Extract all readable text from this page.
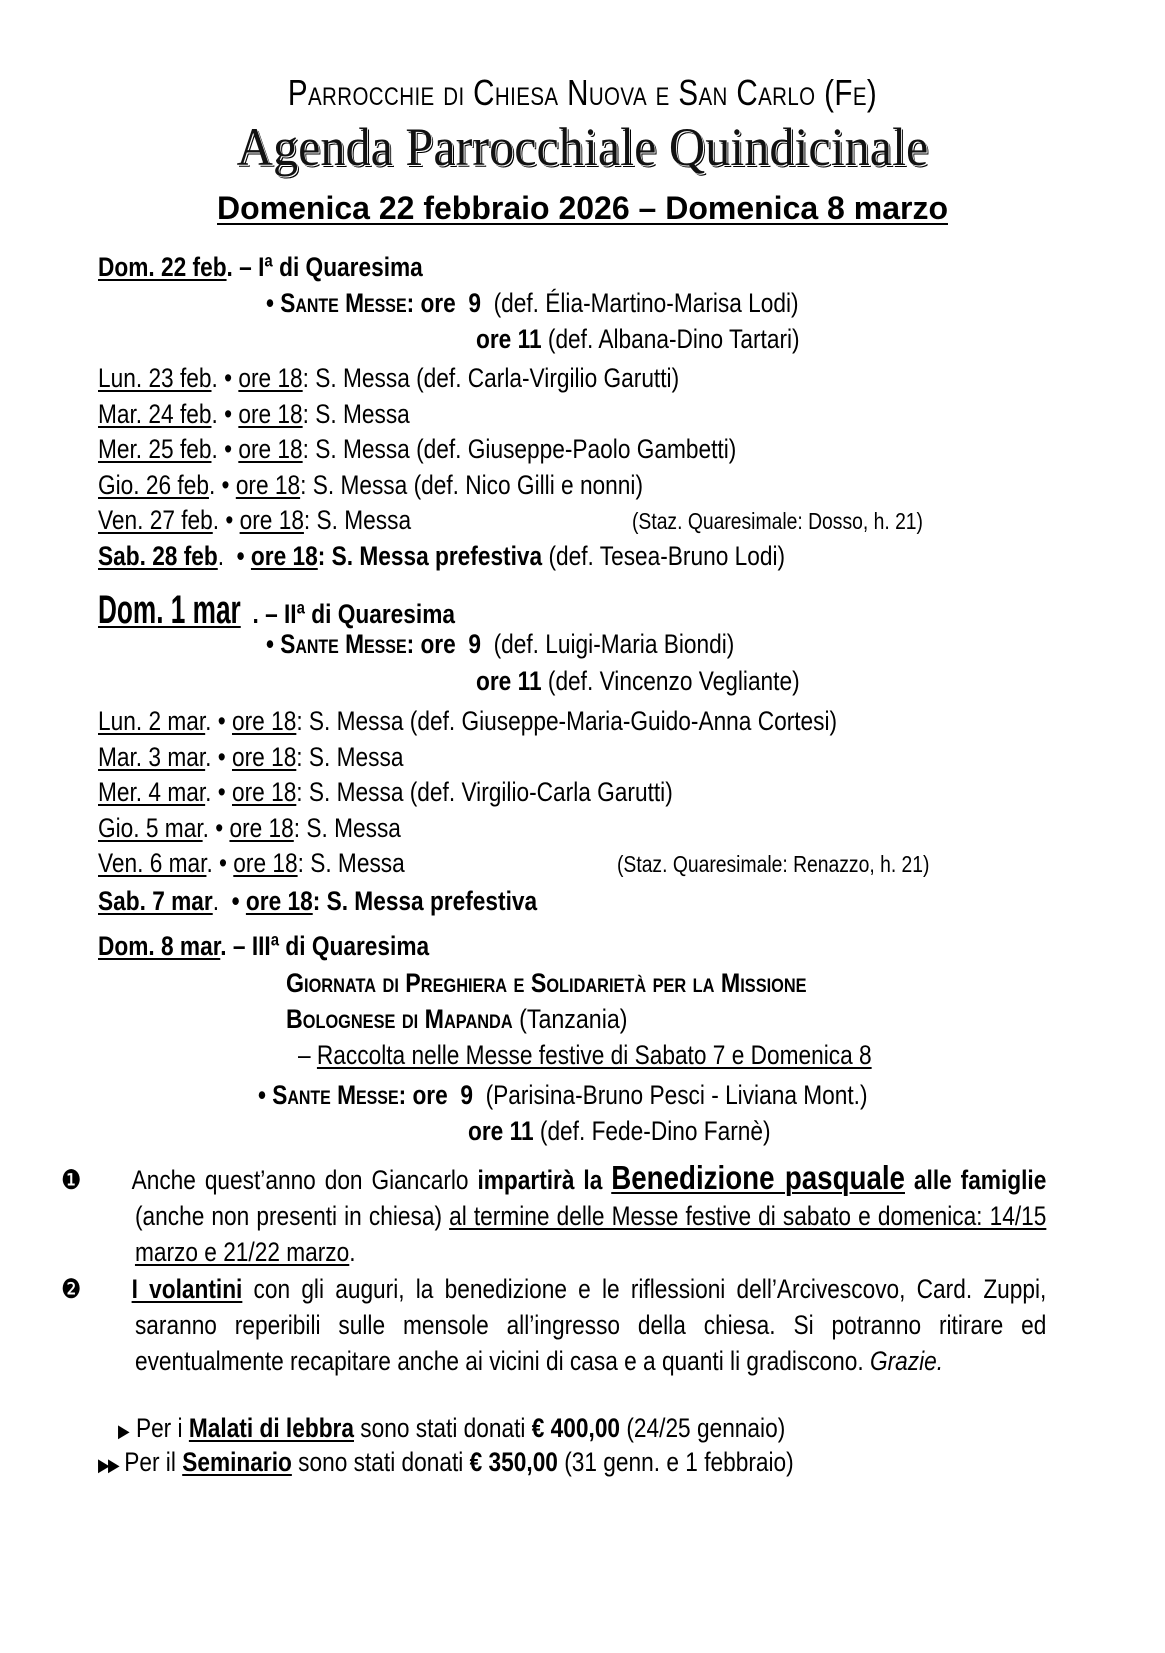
Parrocchie di Chiesa Nuova e San Carlo (Fe)
Agenda Parrocchiale Quindicinale
Domenica 22 febbraio 2026 – Domenica 8 marzo
Dom. 22 feb. – Iª di Quaresima
• Sante Messe: ore  9 (def. Élia-Martino-Marisa Lodi)
ore 11 (def. Albana-Dino Tartari)
Lun. 23 feb. • ore 18: S. Messa (def. Carla-Virgilio Garutti)
Mar. 24 feb. • ore 18: S. Messa
Mer. 25 feb. • ore 18: S. Messa (def. Giuseppe-Paolo Gambetti)
Gio. 26 feb. • ore 18: S. Messa (def. Nico Gilli e nonni)
Ven. 27 feb. • ore 18: S. Messa	(Staz. Quaresimale: Dosso, h. 21)
Sab. 28 feb.  • ore 18: S. Messa prefestiva (def. Tesea-Bruno Lodi)
Dom. 1 mar . – IIª di Quaresima
• Sante Messe: ore  9 (def. Luigi-Maria Biondi)
ore 11 (def. Vincenzo Vegliante)
Lun. 2 mar. • ore 18: S. Messa (def. Giuseppe-Maria-Guido-Anna Cortesi)
Mar. 3 mar. • ore 18: S. Messa
Mer. 4 mar. • ore 18: S. Messa (def. Virgilio-Carla Garutti)
Gio. 5 mar. • ore 18: S. Messa
Ven. 6 mar. • ore 18: S. Messa	(Staz. Quaresimale: Renazzo, h. 21)
Sab. 7 mar.  • ore 18: S. Messa prefestiva
Dom. 8 mar. – IIIª di Quaresima
Giornata di Preghiera e Solidarietà per la Missione
Bolognese di Mapanda (Tanzania)
– Raccolta nelle Messe festive di Sabato 7 e Domenica 8
• Sante Messe: ore  9 (Parisina-Bruno Pesci - Liviana Mont.)
ore 11 (def. Fede-Dino Farnè)
❶ Anche quest’anno don Giancarlo impartirà la Benedizione pasquale alle famiglie (anche non presenti in chiesa) al termine delle Messe festive di sabato e domenica: 14/15 marzo e 21/22 marzo.
❷ I volantini con gli auguri, la benedizione e le riflessioni dell’Arcivescovo, Card. Zuppi, saranno reperibili sulle mensole all’ingresso della chiesa. Si potranno ritirare ed eventualmente recapitare anche ai vicini di casa e a quanti li gradiscono. Grazie.
▶ Per i Malati di lebbra sono stati donati € 400,00 (24/25 gennaio)
▶▶ Per il Seminario sono stati donati € 350,00 (31 genn. e 1 febbraio)
